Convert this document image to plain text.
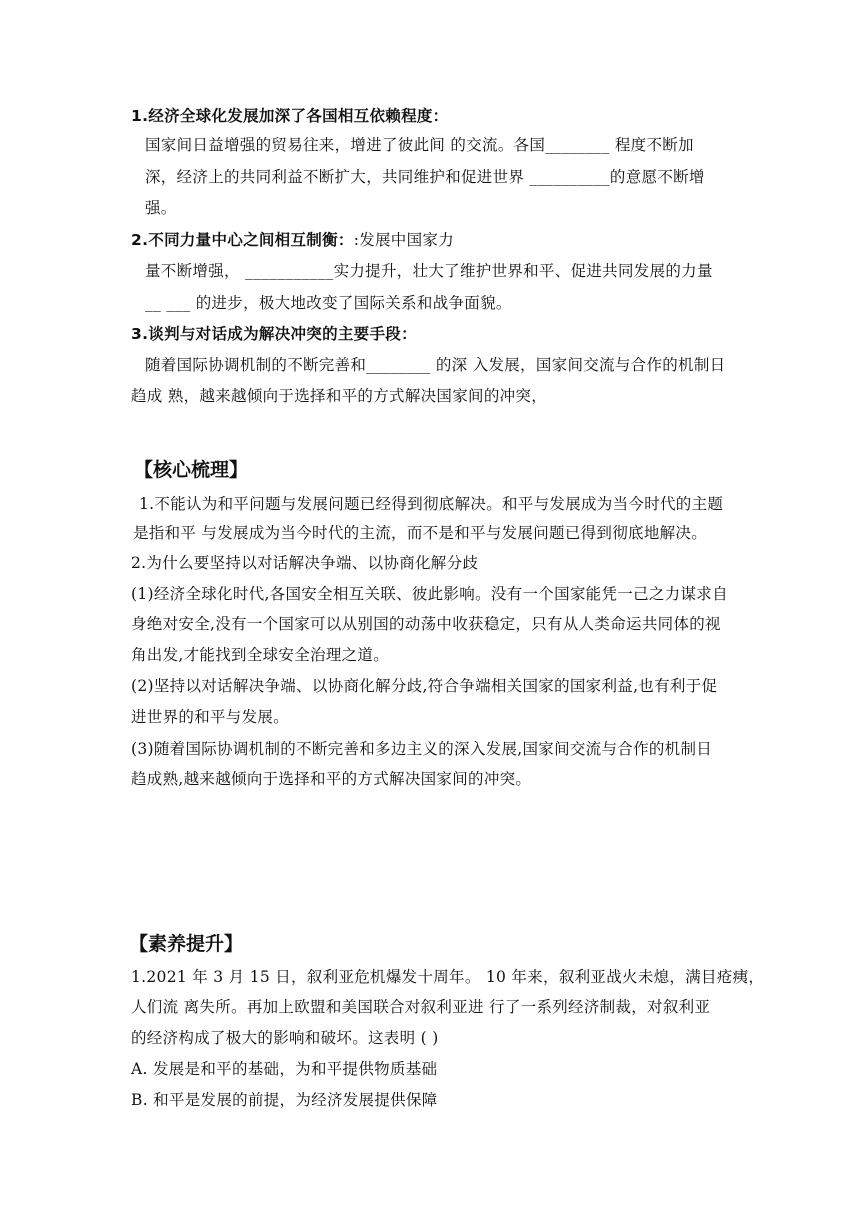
1.经济全球化发展加深了各国相互依赖程度：
国家间日益增强的贸易往来，增进了彼此间 的交流。各国________ 程度不断加
深，经济上的共同利益不断扩大，共同维护和促进世界 __________的意愿不断增
强。
2.不同力量中心之间相互制衡：:发展中国家力
量不断增强， ___________实力提升，壮大了维护世界和平、促进共同发展的力量
__ ___ 的进步，极大地改变了国际关系和战争面貌。
3.谈判与对话成为解决冲突的主要手段：
随着国际协调机制的不断完善和________ 的深 入发展，国家间交流与合作的机制日
趋成 熟，越来越倾向于选择和平的方式解决国家间的冲突，
【核心梳理】
1.不能认为和平问题与发展问题已经得到彻底解决。和平与发展成为当今时代的主题
是指和平 与发展成为当今时代的主流，而不是和平与发展问题已得到彻底地解决。
2.为什么要坚持以对话解决争端、以协商化解分歧
(1)经济全球化时代,各国安全相互关联、彼此影响。没有一个国家能凭一己之力谋求自
身绝对安全,没有一个国家可以从别国的动荡中收获稳定，只有从人类命运共同体的视
角出发,才能找到全球安全治理之道。
(2)坚持以对话解决争端、以协商化解分歧,符合争端相关国家的国家利益,也有利于促
进世界的和平与发展。
(3)随着国际协调机制的不断完善和多边主义的深入发展,国家间交流与合作的机制日
趋成熟,越来越倾向于选择和平的方式解决国家间的冲突。
【素养提升】
1.2021 年 3 月 15 日，叙利亚危机爆发十周年。 10 年来，叙利亚战火未熄，满目疮痍，
人们流 离失所。再加上欧盟和美国联合对叙利亚进 行了一系列经济制裁，对叙利亚
的经济构成了极大的影响和破坏。这表明 ( )
A. 发展是和平的基础，为和平提供物质基础
B. 和平是发展的前提，为经济发展提供保障
